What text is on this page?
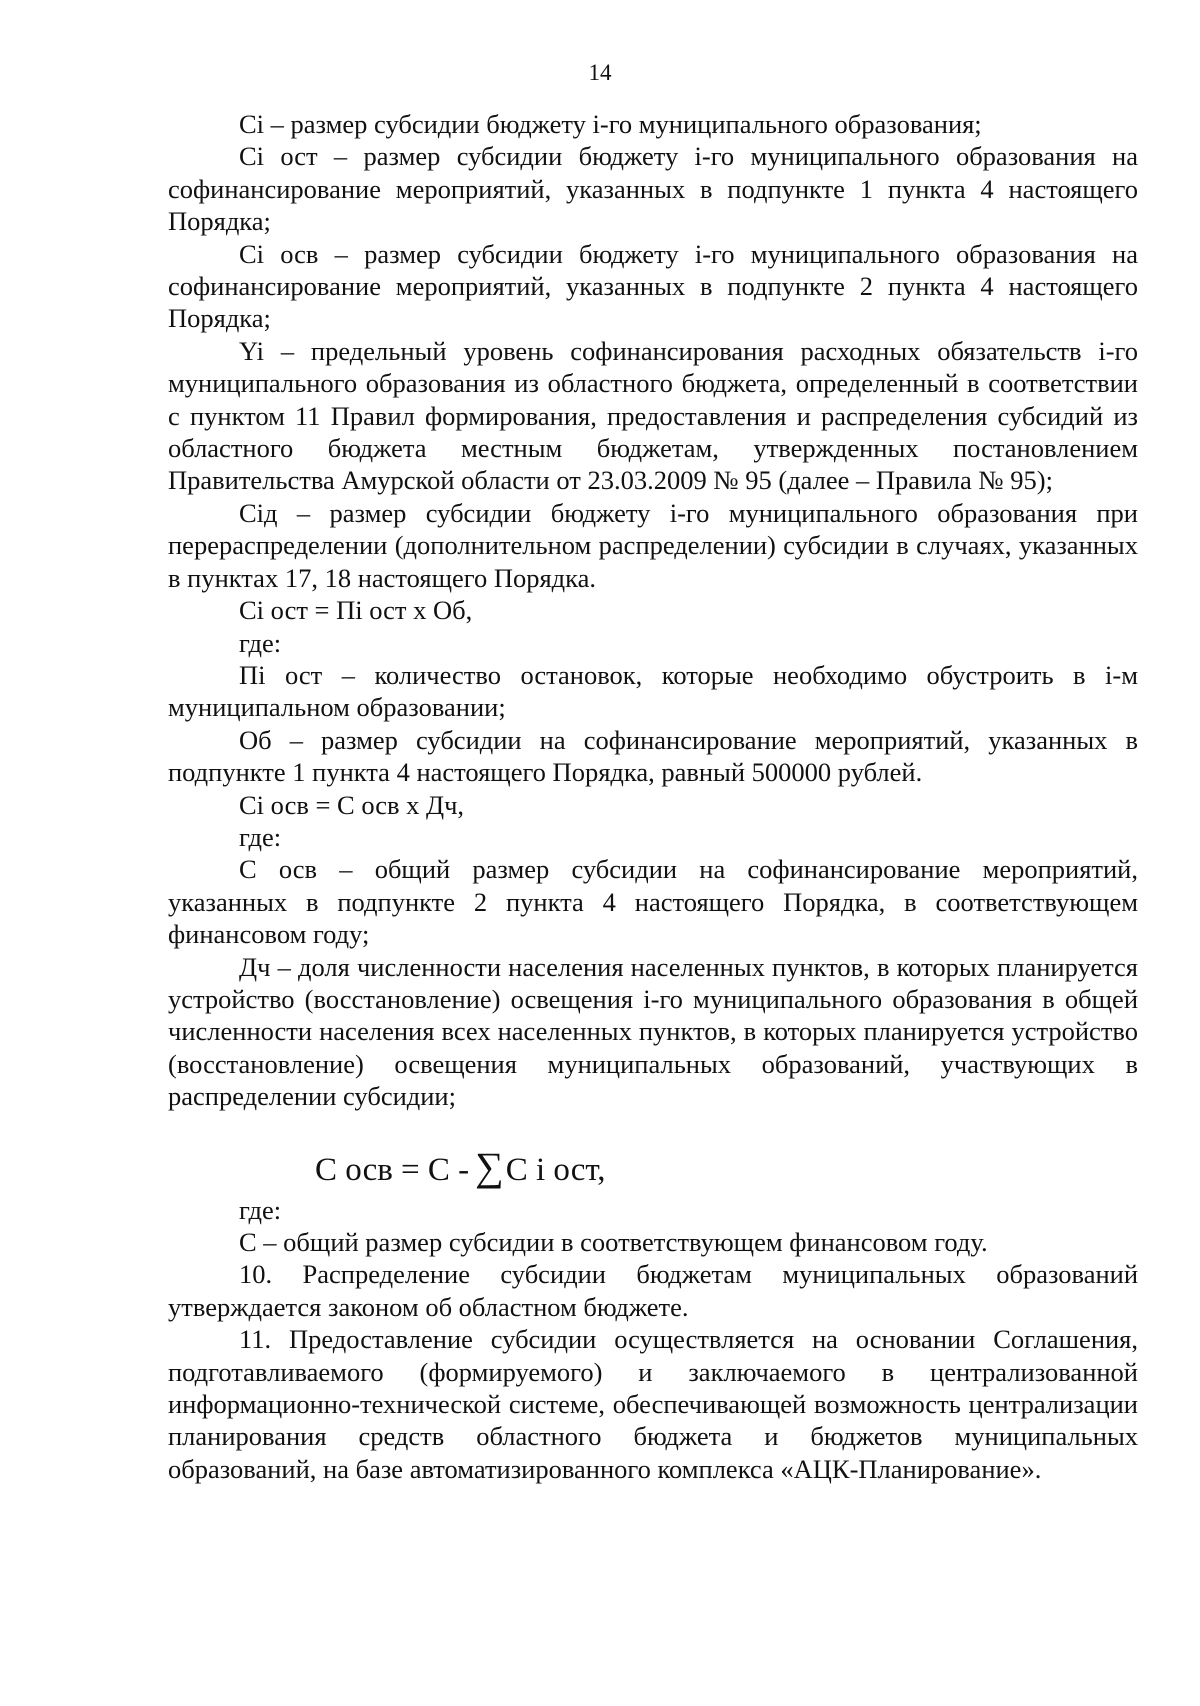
14

Ci – размер субсидии бюджету i-го муниципального образования;

Ci ост – размер субсидии бюджету i-го муниципального образования на софинансирование мероприятий, указанных в подпункте 1 пункта 4 настоящего Порядка;

Ci осв – размер субсидии бюджету i-го муниципального образования на софинансирование мероприятий, указанных в подпункте 2 пункта 4 настоящего Порядка;

Yi – предельный уровень софинансирования расходных обязательств i-го муниципального образования из областного бюджета, определенный в соответствии с пунктом 11 Правил формирования, предоставления и распределения субсидий из областного бюджета местным бюджетам, утвержденных постановлением Правительства Амурской области от 23.03.2009 № 95 (далее – Правила № 95);

Ciд – размер субсидии бюджету i-го муниципального образования при перераспределении (дополнительном распределении) субсидии в случаях, указанных в пунктах 17, 18 настоящего Порядка.

Ci ост = Пi ост х Об,

где:

Пi ост – количество остановок, которые необходимо обустроить в i-м муниципальном образовании;

Об – размер субсидии на софинансирование мероприятий, указанных в подпункте 1 пункта 4 настоящего Порядка, равный 500000 рублей.

Ci осв = С осв х Дч,

где:

С осв – общий размер субсидии на софинансирование мероприятий, указанных в подпункте 2 пункта 4 настоящего Порядка, в соответствующем финансовом году;

Дч – доля численности населения населенных пунктов, в которых планируется устройство (восстановление) освещения i-го муниципального образования в общей численности населения всех населенных пунктов, в которых планируется устройство (восстановление) освещения муниципальных образований, участвующих в распределении субсидии;

С осв = С - ∑С i ост,

где:

С – общий размер субсидии в соответствующем финансовом году.

10. Распределение субсидии бюджетам муниципальных образований утверждается законом об областном бюджете.

11. Предоставление субсидии осуществляется на основании Соглашения, подготавливаемого (формируемого) и заключаемого в централизованной информационно-технической системе, обеспечивающей возможность централизации планирования средств областного бюджета и бюджетов муниципальных образований, на базе автоматизированного комплекса «АЦК-Планирование».
